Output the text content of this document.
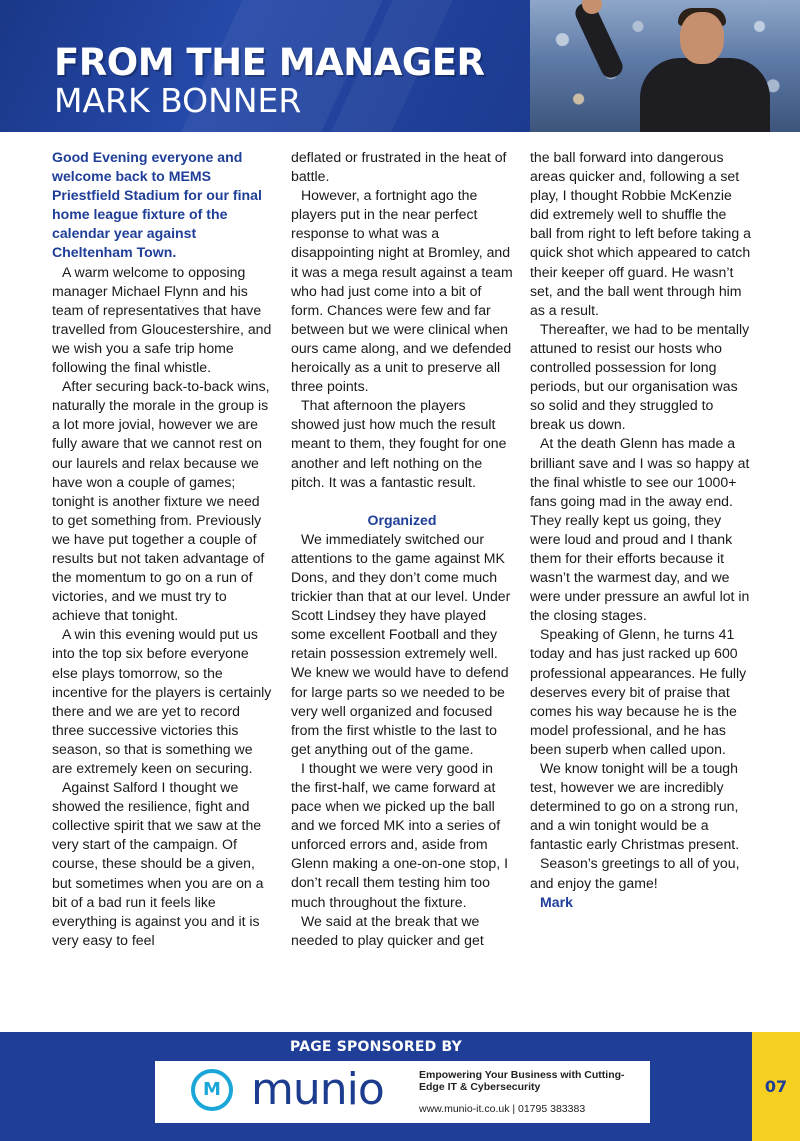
FROM THE MANAGER
MARK BONNER

Good Evening everyone and welcome back to MEMS Priestfield Stadium for our final home league fixture of the calendar year against Cheltenham Town.

A warm welcome to opposing manager Michael Flynn and his team of representatives that have travelled from Gloucestershire, and we wish you a safe trip home following the final whistle.

After securing back-to-back wins, naturally the morale in the group is a lot more jovial, however we are fully aware that we cannot rest on our laurels and relax because we have won a couple of games; tonight is another fixture we need to get something from. Previously we have put together a couple of results but not taken advantage of the momentum to go on a run of victories, and we must try to achieve that tonight.

A win this evening would put us into the top six before everyone else plays tomorrow, so the incentive for the players is certainly there and we are yet to record three successive victories this season, so that is something we are extremely keen on securing.

Against Salford I thought we showed the resilience, fight and collective spirit that we saw at the very start of the campaign. Of course, these should be a given, but sometimes when you are on a bit of a bad run it feels like everything is against you and it is very easy to feel

deflated or frustrated in the heat of battle.

However, a fortnight ago the players put in the near perfect response to what was a disappointing night at Bromley, and it was a mega result against a team who had just come into a bit of form. Chances were few and far between but we were clinical when ours came along, and we defended heroically as a unit to preserve all three points.

That afternoon the players showed just how much the result meant to them, they fought for one another and left nothing on the pitch. It was a fantastic result.

Organized

We immediately switched our attentions to the game against MK Dons, and they don’t come much trickier than that at our level. Under Scott Lindsey they have played some excellent Football and they retain possession extremely well. We knew we would have to defend for large parts so we needed to be very well organized and focused from the first whistle to the last to get anything out of the game.

I thought we were very good in the first-half, we came forward at pace when we picked up the ball and we forced MK into a series of unforced errors and, aside from Glenn making a one-on-one stop, I don’t recall them testing him too much throughout the fixture.

We said at the break that we needed to play quicker and get

the ball forward into dangerous areas quicker and, following a set play, I thought Robbie McKenzie did extremely well to shuffle the ball from right to left before taking a quick shot which appeared to catch their keeper off guard. He wasn’t set, and the ball went through him as a result.

Thereafter, we had to be mentally attuned to resist our hosts who controlled possession for long periods, but our organisation was so solid and they struggled to break us down.

At the death Glenn has made a brilliant save and I was so happy at the final whistle to see our 1000+ fans going mad in the away end. They really kept us going, they were loud and proud and I thank them for their efforts because it wasn’t the warmest day, and we were under pressure an awful lot in the closing stages.

Speaking of Glenn, he turns 41 today and has just racked up 600 professional appearances. He fully deserves every bit of praise that comes his way because he is the model professional, and he has been superb when called upon.

We know tonight will be a tough test, however we are incredibly determined to go on a strong run, and a win tonight would be a fantastic early Christmas present.

Season’s greetings to all of you, and enjoy the game!

Mark

PAGE SPONSORED BY
M munio	Empowering Your Business with Cutting-Edge IT & Cybersecurity
www.munio-it.co.uk | 01795 383383
07
